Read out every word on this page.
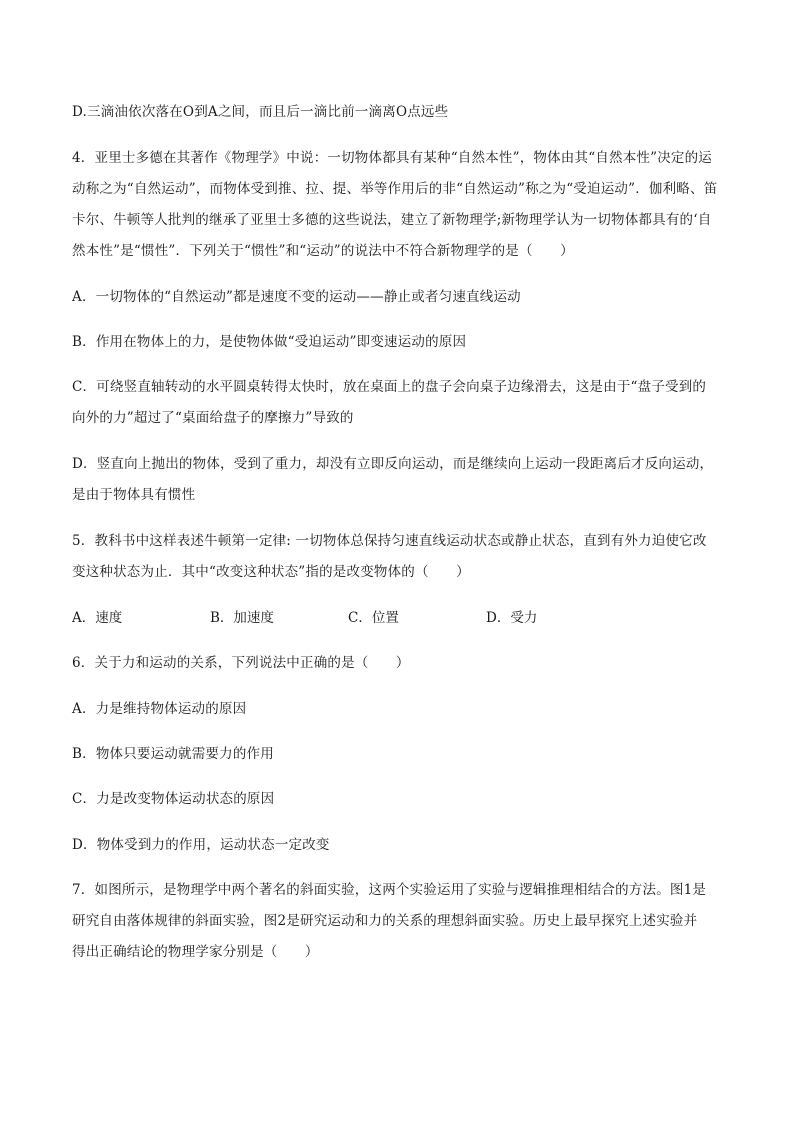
D.三滴油依次落在O到A之间，而且后一滴比前一滴离O点远些
4．亚里士多德在其著作《物理学》中说：一切物体都具有某种“自然本性”，物体由其“自然本性”决定的运
动称之为“自然运动”，而物体受到推、拉、提、举等作用后的非“自然运动”称之为“受迫运动”．伽利略、笛
卡尔、牛顿等人批判的继承了亚里士多德的这些说法，建立了新物理学;新物理学认为一切物体都具有的‘自
然本性”是“惯性”．下列关于“惯性”和“运动”的说法中不符合新物理学的是（　　）
A．一切物体的“自然运动”都是速度不变的运动——静止或者匀速直线运动
B．作用在物体上的力，是使物体做“受迫运动”即变速运动的原因
C．可绕竖直轴转动的水平圆桌转得太快时，放在桌面上的盘子会向桌子边缘滑去，这是由于“盘子受到的
向外的力”超过了“桌面给盘子的摩擦力”导致的
D．竖直向上抛出的物体，受到了重力，却没有立即反向运动，而是继续向上运动一段距离后才反向运动，
是由于物体具有惯性
5．教科书中这样表述牛顿第一定律: 一切物体总保持匀速直线运动状态或静止状态，直到有外力迫使它改
变这种状态为止．其中“改变这种状态”指的是改变物体的（　　）
A．速度	B．加速度	C．位置	D．受力
6．关于力和运动的关系，下列说法中正确的是（　　）
A．力是维持物体运动的原因
B．物体只要运动就需要力的作用
C．力是改变物体运动状态的原因
D．物体受到力的作用，运动状态一定改变
7．如图所示，是物理学中两个著名的斜面实验，这两个实验运用了实验与逻辑推理相结合的方法。图1是
研究自由落体规律的斜面实验，图2是研究运动和力的关系的理想斜面实验。历史上最早探究上述实验并
得出正确结论的物理学家分别是（　　）
